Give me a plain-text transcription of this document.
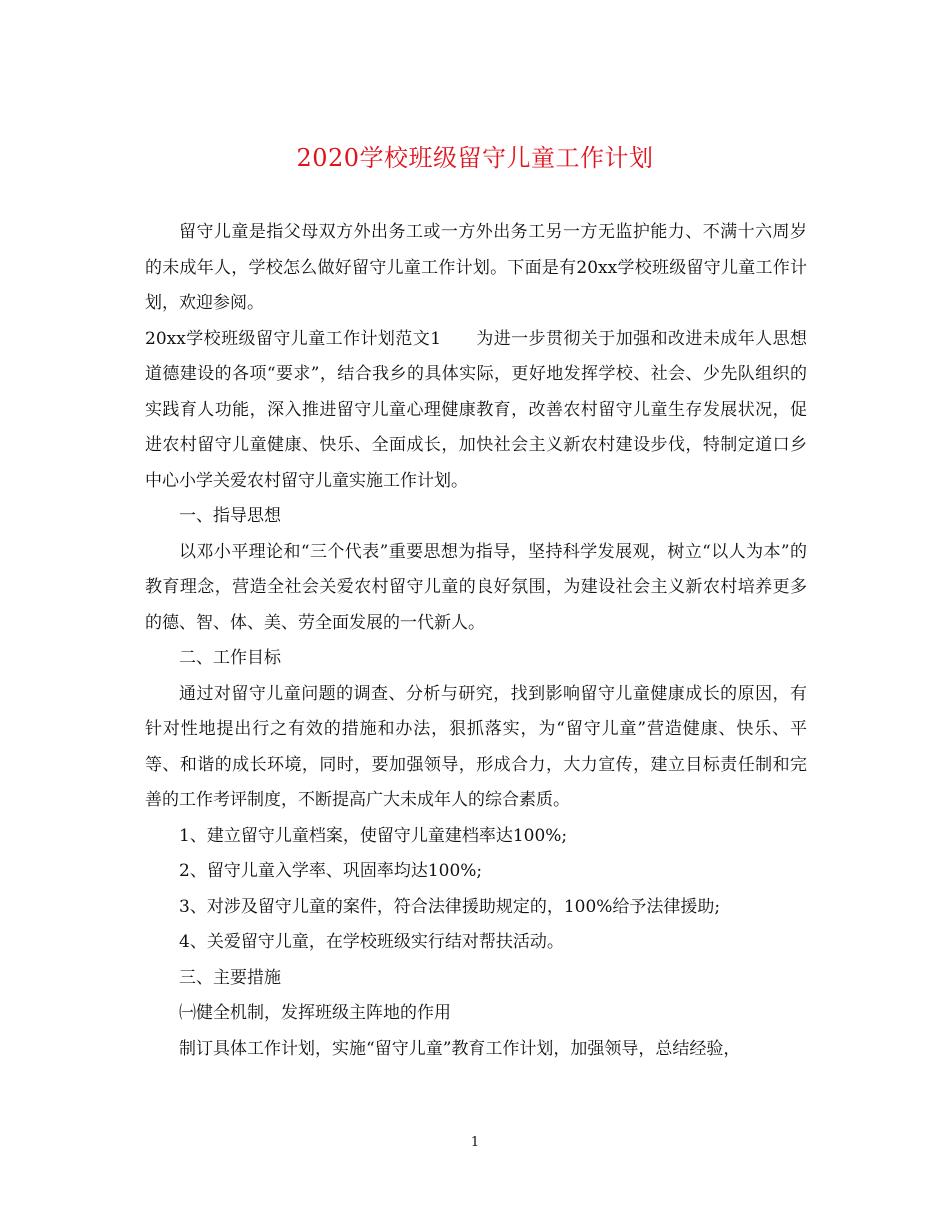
2020学校班级留守儿童工作计划

留守儿童是指父母双方外出务工或一方外出务工另一方无监护能力、不满十六周岁的未成年人，学校怎么做好留守儿童工作计划。下面是有20xx学校班级留守儿童工作计划，欢迎参阅。

20xx学校班级留守儿童工作计划范文1　　为进一步贯彻关于加强和改进未成年人思想道德建设的各项“要求”，结合我乡的具体实际，更好地发挥学校、社会、少先队组织的实践育人功能，深入推进留守儿童心理健康教育，改善农村留守儿童生存发展状况，促进农村留守儿童健康、快乐、全面成长，加快社会主义新农村建设步伐，特制定道口乡中心小学关爱农村留守儿童实施工作计划。

一、指导思想

以邓小平理论和“三个代表”重要思想为指导，坚持科学发展观，树立“以人为本”的教育理念，营造全社会关爱农村留守儿童的良好氛围，为建设社会主义新农村培养更多的德、智、体、美、劳全面发展的一代新人。

二、工作目标

通过对留守儿童问题的调查、分析与研究，找到影响留守儿童健康成长的原因，有针对性地提出行之有效的措施和办法，狠抓落实，为“留守儿童”营造健康、快乐、平等、和谐的成长环境，同时，要加强领导，形成合力，大力宣传，建立目标责任制和完善的工作考评制度，不断提高广大未成年人的综合素质。

1、建立留守儿童档案，使留守儿童建档率达100%;

2、留守儿童入学率、巩固率均达100%;

3、对涉及留守儿童的案件，符合法律援助规定的，100%给予法律援助;

4、关爱留守儿童，在学校班级实行结对帮扶活动。

三、主要措施

㈠健全机制，发挥班级主阵地的作用

制订具体工作计划，实施“留守儿童”教育工作计划，加强领导，总结经验，

1
